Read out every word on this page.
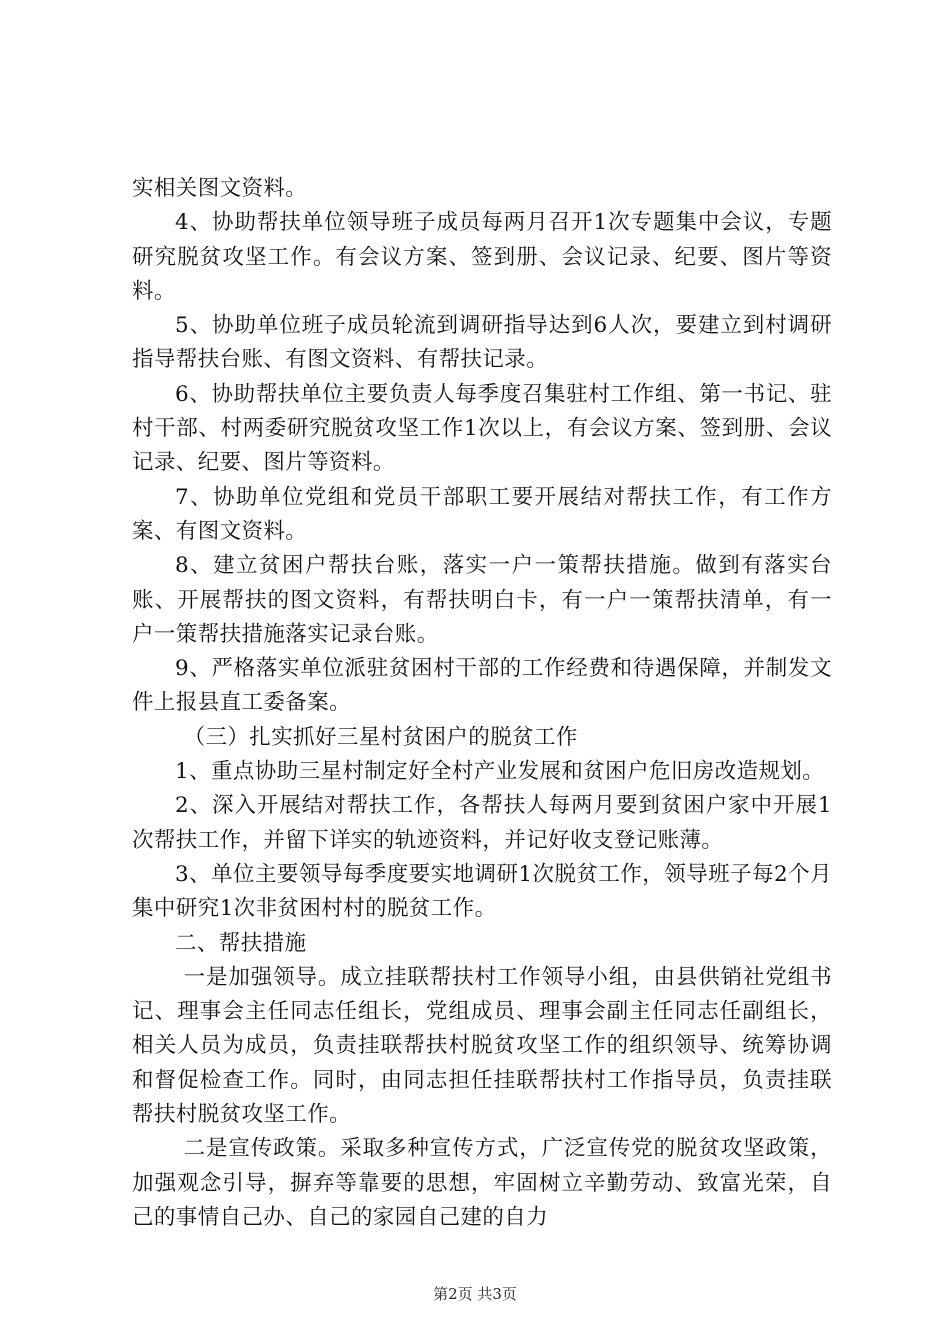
实相关图文资料。

4、协助帮扶单位领导班子成员每两月召开1次专题集中会议，专题研究脱贫攻坚工作。有会议方案、签到册、会议记录、纪要、图片等资料。

5、协助单位班子成员轮流到调研指导达到6人次，要建立到村调研指导帮扶台账、有图文资料、有帮扶记录。

6、协助帮扶单位主要负责人每季度召集驻村工作组、第一书记、驻村干部、村两委研究脱贫攻坚工作1次以上，有会议方案、签到册、会议记录、纪要、图片等资料。

7、协助单位党组和党员干部职工要开展结对帮扶工作，有工作方案、有图文资料。

8、建立贫困户帮扶台账，落实一户一策帮扶措施。做到有落实台账、开展帮扶的图文资料，有帮扶明白卡，有一户一策帮扶清单，有一户一策帮扶措施落实记录台账。

9、严格落实单位派驻贫困村干部的工作经费和待遇保障，并制发文件上报县直工委备案。

（三）扎实抓好三星村贫困户的脱贫工作

1、重点协助三星村制定好全村产业发展和贫困户危旧房改造规划。

2、深入开展结对帮扶工作，各帮扶人每两月要到贫困户家中开展1次帮扶工作，并留下详实的轨迹资料，并记好收支登记账薄。

3、单位主要领导每季度要实地调研1次脱贫工作，领导班子每2个月集中研究1次非贫困村村的脱贫工作。

二、帮扶措施

一是加强领导。成立挂联帮扶村工作领导小组，由县供销社党组书记、理事会主任同志任组长，党组成员、理事会副主任同志任副组长，相关人员为成员，负责挂联帮扶村脱贫攻坚工作的组织领导、统筹协调和督促检查工作。同时，由同志担任挂联帮扶村工作指导员，负责挂联帮扶村脱贫攻坚工作。

二是宣传政策。采取多种宣传方式，广泛宣传党的脱贫攻坚政策，加强观念引导，摒弃等靠要的思想，牢固树立辛勤劳动、致富光荣，自己的事情自己办、自己的家园自己建的自力

第2页 共3页
